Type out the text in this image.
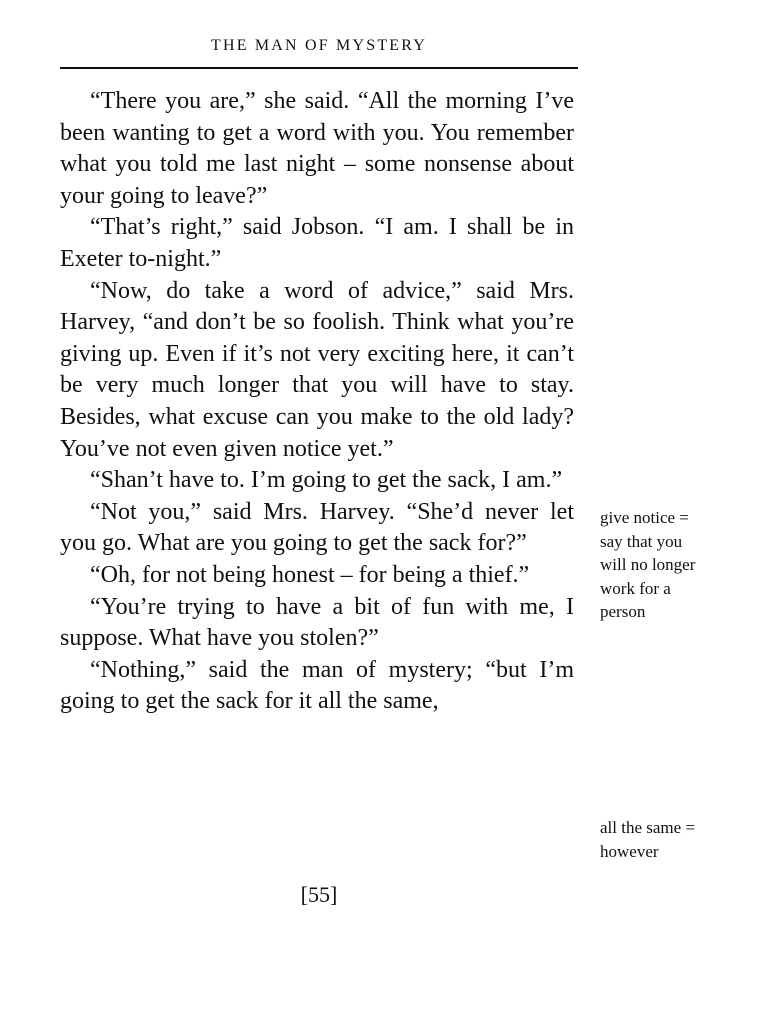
THE MAN OF MYSTERY

“There you are,” she said. “All the morning I’ve been wanting to get a word with you. You remember what you told me last night – some nonsense about your going to leave?”

“That’s right,” said Jobson. “I am. I shall be in Exeter to-night.”

“Now, do take a word of advice,” said Mrs. Harvey, “and don’t be so foolish. Think what you’re giving up. Even if it’s not very exciting here, it can’t be very much longer that you will have to stay. Besides, what excuse can you make to the old lady? You’ve not even given notice yet.”

“Shan’t have to. I’m going to get the sack, I am.”

“Not you,” said Mrs. Harvey. “She’d never let you go. What are you going to get the sack for?”

“Oh, for not being honest – for being a thief.”

“You’re trying to have a bit of fun with me, I suppose. What have you stolen?”

“Nothing,” said the man of mystery; “but I’m going to get the sack for it all the same,

give notice =
say that you
will no longer
work for a
person
all the same =
however
[55]
